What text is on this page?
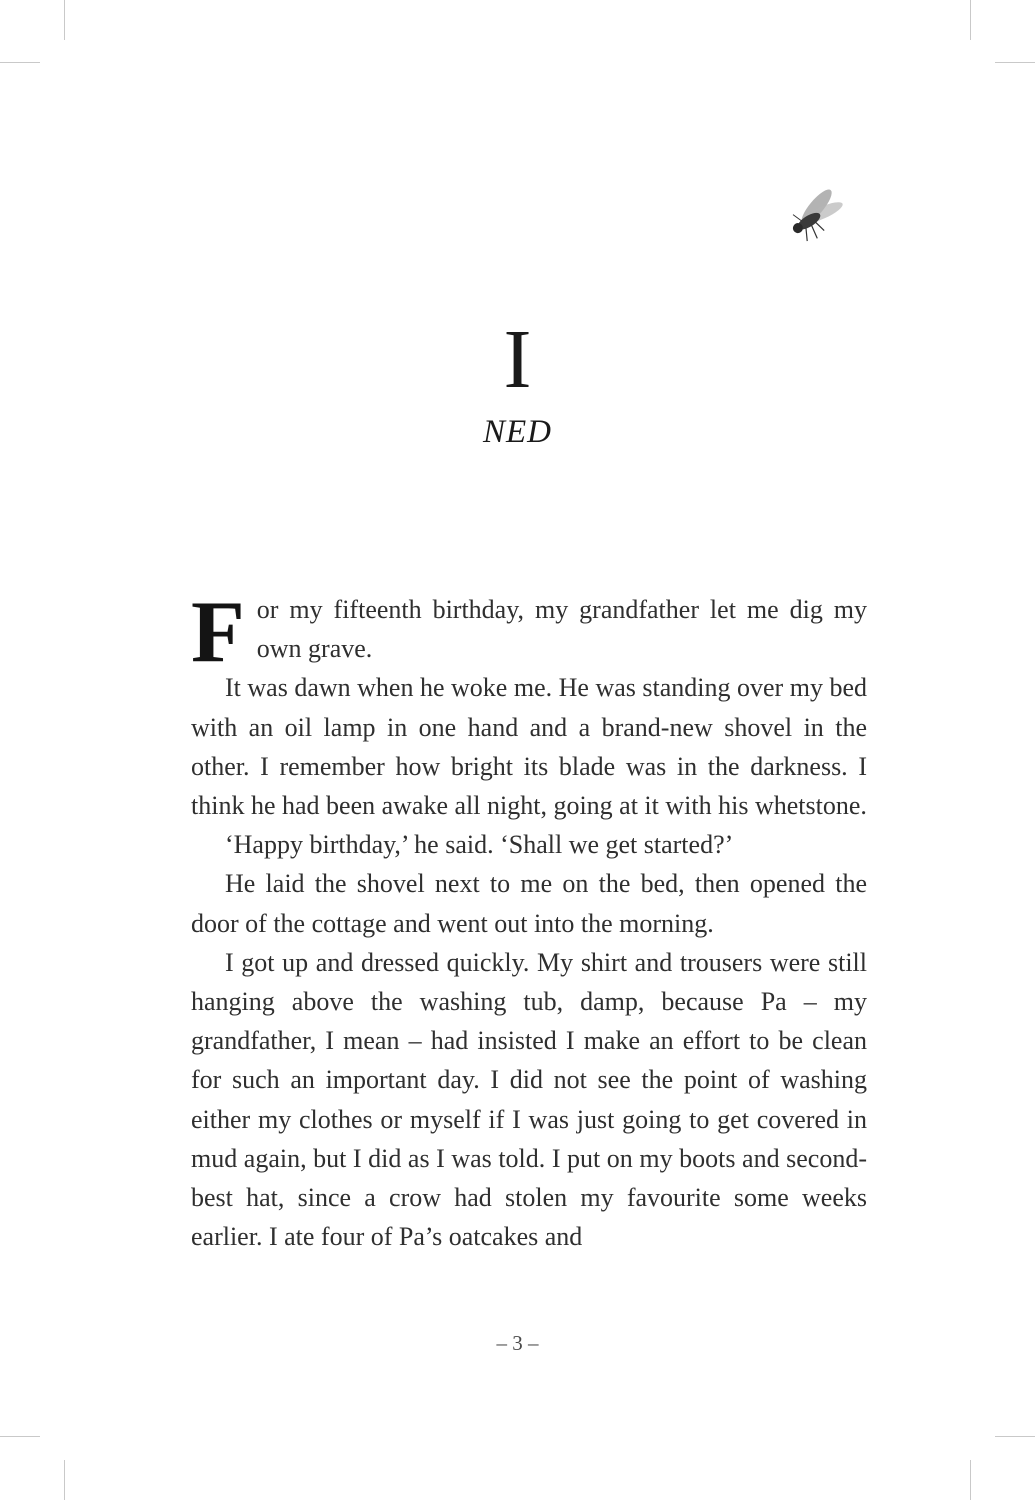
I
NED

For my fifteenth birthday, my grandfather let me dig my own grave.

It was dawn when he woke me. He was standing over my bed with an oil lamp in one hand and a brand-new shovel in the other. I remember how bright its blade was in the darkness. I think he had been awake all night, going at it with his whetstone.

‘Happy birthday,’ he said. ‘Shall we get started?’

He laid the shovel next to me on the bed, then opened the door of the cottage and went out into the morning.

I got up and dressed quickly. My shirt and trousers were still hanging above the washing tub, damp, because Pa – my grandfather, I mean – had insisted I make an effort to be clean for such an important day. I did not see the point of washing either my clothes or myself if I was just going to get covered in mud again, but I did as I was told. I put on my boots and second-best hat, since a crow had stolen my favourite some weeks earlier. I ate four of Pa’s oatcakes and

– 3 –
